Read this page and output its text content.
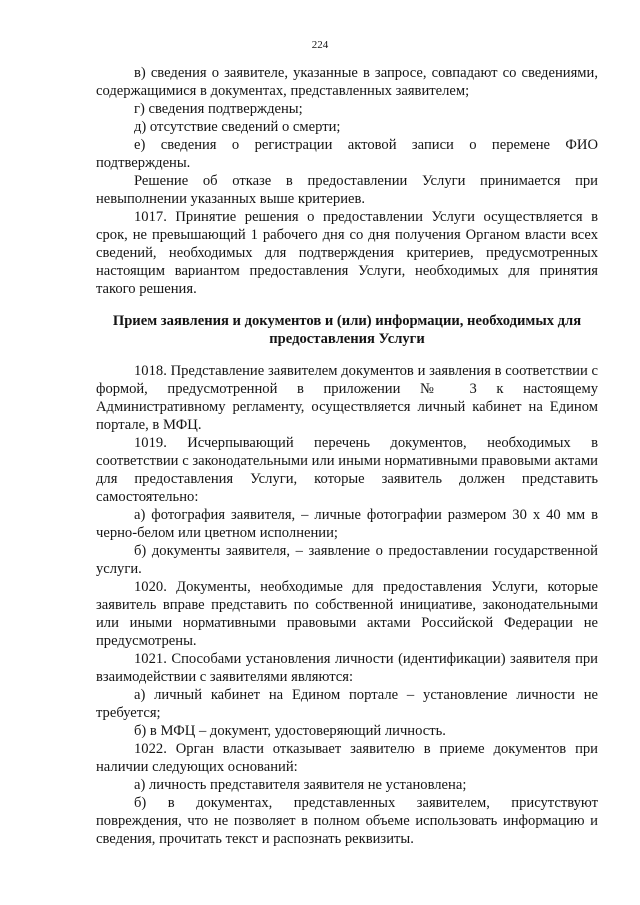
224

в) сведения о заявителе, указанные в запросе, совпадают со сведениями, содержащимися в документах, представленных заявителем;

г) сведения подтверждены;

д) отсутствие сведений о смерти;

е) сведения о регистрации актовой записи о перемене ФИО подтверждены.

Решение об отказе в предоставлении Услуги принимается при невыполнении указанных выше критериев.

1017. Принятие решения о предоставлении Услуги осуществляется в срок, не превышающий 1 рабочего дня со дня получения Органом власти всех сведений, необходимых для подтверждения критериев, предусмотренных настоящим вариантом предоставления Услуги, необходимых для принятия такого решения.

Прием заявления и документов и (или) информации, необходимых для предоставления Услуги

1018. Представление заявителем документов и заявления в соответствии с формой, предусмотренной в приложении № 3 к настоящему Административному регламенту, осуществляется личный кабинет на Едином портале, в МФЦ.

1019. Исчерпывающий перечень документов, необходимых в соответствии с законодательными или иными нормативными правовыми актами для предоставления Услуги, которые заявитель должен представить самостоятельно:

а) фотография заявителя, – личные фотографии размером 30 х 40 мм в черно-белом или цветном исполнении;

б) документы заявителя, – заявление о предоставлении государственной услуги.

1020. Документы, необходимые для предоставления Услуги, которые заявитель вправе представить по собственной инициативе, законодательными или иными нормативными правовыми актами Российской Федерации не предусмотрены.

1021. Способами установления личности (идентификации) заявителя при взаимодействии с заявителями являются:

а) личный кабинет на Едином портале – установление личности не требуется;

б) в МФЦ – документ, удостоверяющий личность.

1022. Орган власти отказывает заявителю в приеме документов при наличии следующих оснований:

а) личность представителя заявителя не установлена;

б) в документах, представленных заявителем, присутствуют повреждения, что не позволяет в полном объеме использовать информацию и сведения, прочитать текст и распознать реквизиты.
